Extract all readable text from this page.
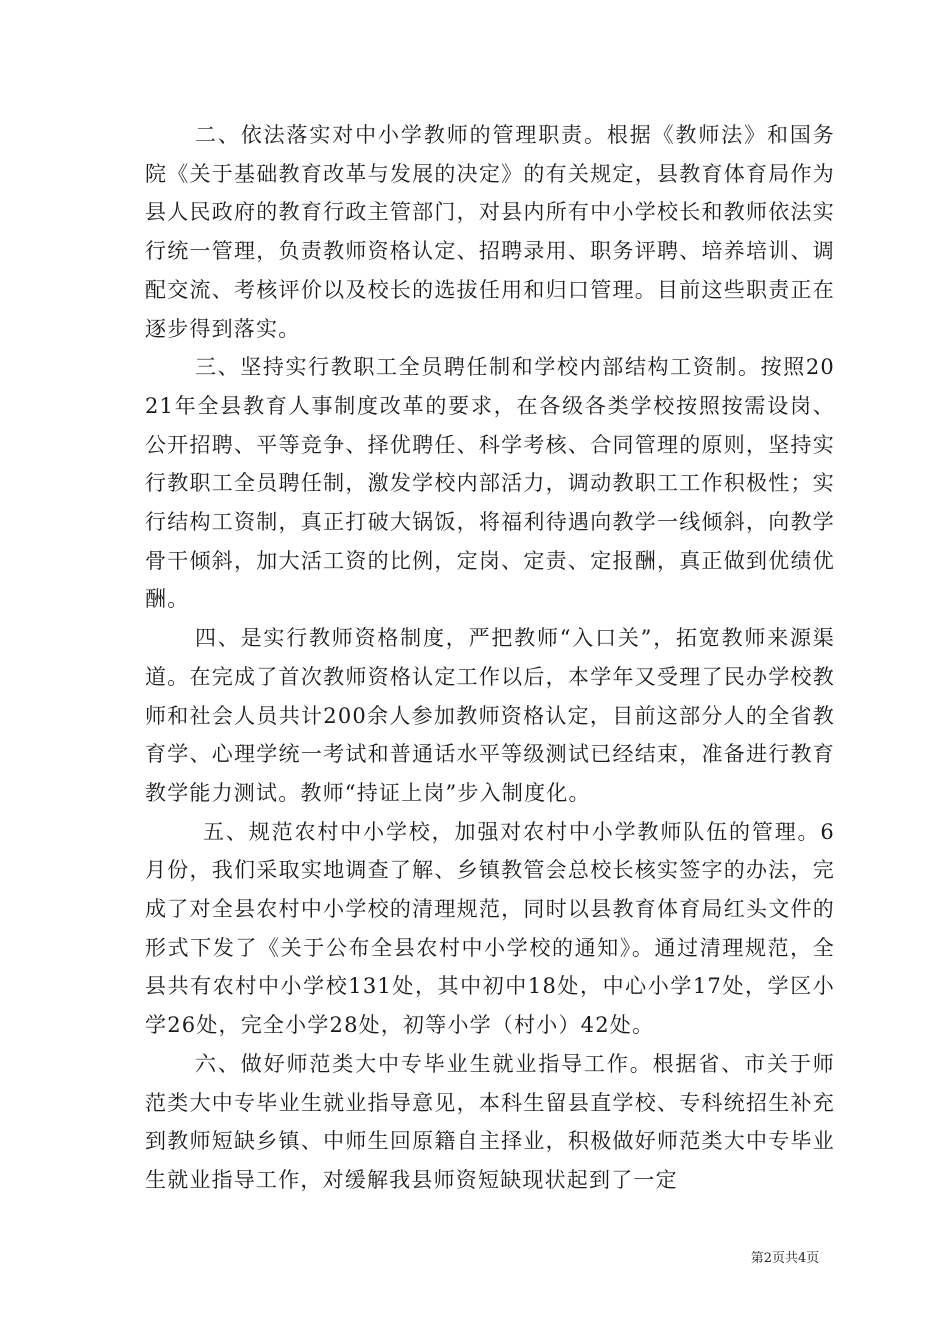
二、依法落实对中小学教师的管理职责。根据《教师法》和国务院《关于基础教育改革与发展的决定》的有关规定，县教育体育局作为县人民政府的教育行政主管部门，对县内所有中小学校长和教师依法实行统一管理，负责教师资格认定、招聘录用、职务评聘、培养培训、调配交流、考核评价以及校长的选拔任用和归口管理。目前这些职责正在逐步得到落实。

三、坚持实行教职工全员聘任制和学校内部结构工资制。按照2021年全县教育人事制度改革的要求，在各级各类学校按照按需设岗、公开招聘、平等竞争、择优聘任、科学考核、合同管理的原则，坚持实行教职工全员聘任制，激发学校内部活力，调动教职工工作积极性；实行结构工资制，真正打破大锅饭，将福利待遇向教学一线倾斜，向教学骨干倾斜，加大活工资的比例，定岗、定责、定报酬，真正做到优绩优酬。

四、是实行教师资格制度，严把教师“入口关”，拓宽教师来源渠道。在完成了首次教师资格认定工作以后，本学年又受理了民办学校教师和社会人员共计200余人参加教师资格认定，目前这部分人的全省教育学、心理学统一考试和普通话水平等级测试已经结束，准备进行教育教学能力测试。教师“持证上岗”步入制度化。

五、规范农村中小学校，加强对农村中小学教师队伍的管理。6月份，我们采取实地调查了解、乡镇教管会总校长核实签字的办法，完成了对全县农村中小学校的清理规范，同时以县教育体育局红头文件的形式下发了《关于公布全县农村中小学校的通知》。通过清理规范，全县共有农村中小学校131处，其中初中18处，中心小学17处，学区小学26处，完全小学28处，初等小学（村小）42处。

六、做好师范类大中专毕业生就业指导工作。根据省、市关于师范类大中专毕业生就业指导意见，本科生留县直学校、专科统招生补充到教师短缺乡镇、中师生回原籍自主择业，积极做好师范类大中专毕业生就业指导工作，对缓解我县师资短缺现状起到了一定

第2页共4页
